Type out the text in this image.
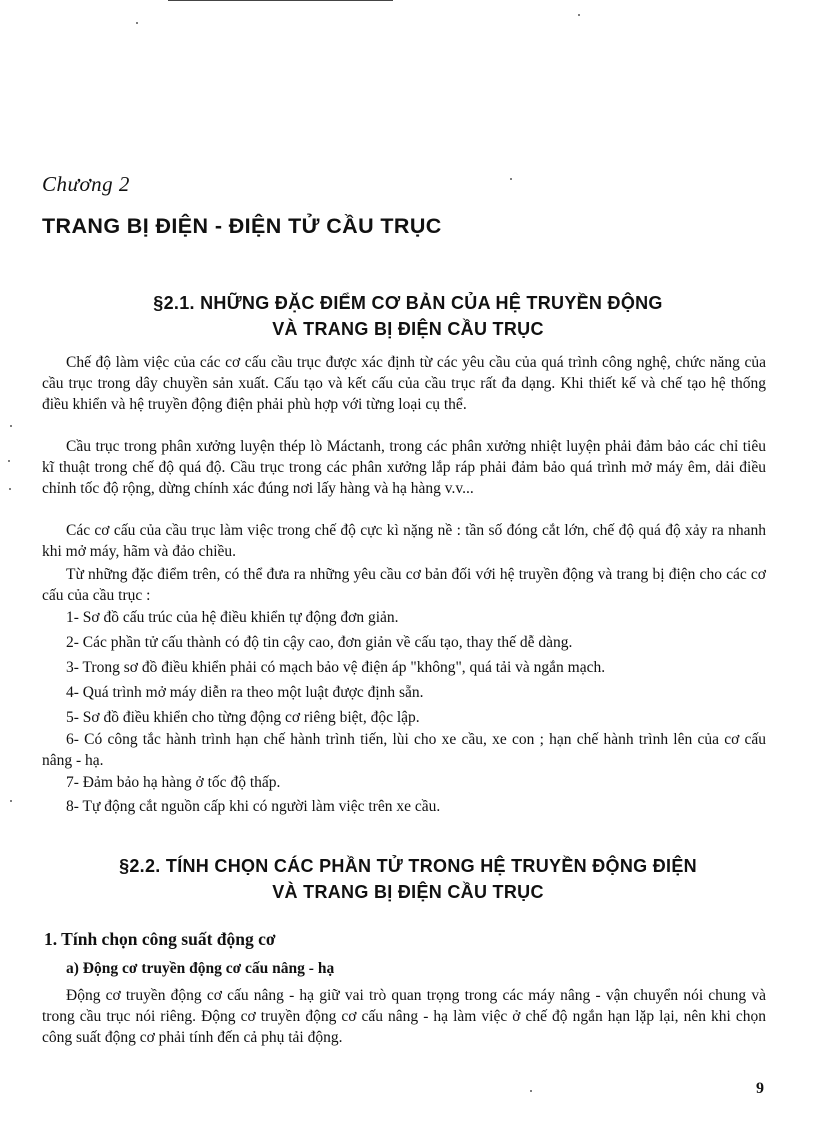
Chương 2
TRANG BỊ ĐIỆN - ĐIỆN TỬ CẦU TRỤC
§2.1. NHỮNG ĐẶC ĐIỂM CƠ BẢN CỦA HỆ TRUYỀN ĐỘNG
VÀ TRANG BỊ ĐIỆN CẦU TRỤC
Chế độ làm việc của các cơ cấu cầu trục được xác định từ các yêu cầu của quá trình công nghệ, chức năng của cầu trục trong dây chuyền sản xuất. Cấu tạo và kết cấu của cầu trục rất đa dạng. Khi thiết kế và chế tạo hệ thống điều khiển và hệ truyền động điện phải phù hợp với từng loại cụ thể.
Cầu trục trong phân xưởng luyện thép lò Máctanh, trong các phân xưởng nhiệt luyện phải đảm bảo các chỉ tiêu kĩ thuật trong chế độ quá độ. Cầu trục trong các phân xưởng lắp ráp phải đảm bảo quá trình mở máy êm, dải điều chỉnh tốc độ rộng, dừng chính xác đúng nơi lấy hàng và hạ hàng v.v...
Các cơ cấu của cầu trục làm việc trong chế độ cực kì nặng nề : tần số đóng cắt lớn, chế độ quá độ xảy ra nhanh khi mở máy, hãm và đảo chiều.
Từ những đặc điểm trên, có thể đưa ra những yêu cầu cơ bản đối với hệ truyền động và trang bị điện cho các cơ cấu của cầu trục :
1- Sơ đồ cấu trúc của hệ điều khiển tự động đơn giản.
2- Các phần tử cấu thành có độ tin cậy cao, đơn giản về cấu tạo, thay thế dễ dàng.
3- Trong sơ đồ điều khiển phải có mạch bảo vệ điện áp "không", quá tải và ngắn mạch.
4- Quá trình mở máy diễn ra theo một luật được định sẵn.
5- Sơ đồ điều khiển cho từng động cơ riêng biệt, độc lập.
6- Có công tắc hành trình hạn chế hành trình tiến, lùi cho xe cầu, xe con ; hạn chế hành trình lên của cơ cấu nâng - hạ.
7- Đảm bảo hạ hàng ở tốc độ thấp.
8- Tự động cắt nguồn cấp khi có người làm việc trên xe cầu.
§2.2. TÍNH CHỌN CÁC PHẦN TỬ TRONG HỆ TRUYỀN ĐỘNG ĐIỆN
VÀ TRANG BỊ ĐIỆN CẦU TRỤC
1. Tính chọn công suất động cơ
a) Động cơ truyền động cơ cấu nâng - hạ
Động cơ truyền động cơ cấu nâng - hạ giữ vai trò quan trọng trong các máy nâng - vận chuyển nói chung và trong cầu trục nói riêng. Động cơ truyền động cơ cấu nâng - hạ làm việc ở chế độ ngắn hạn lặp lại, nên khi chọn công suất động cơ phải tính đến cả phụ tải động.
9
